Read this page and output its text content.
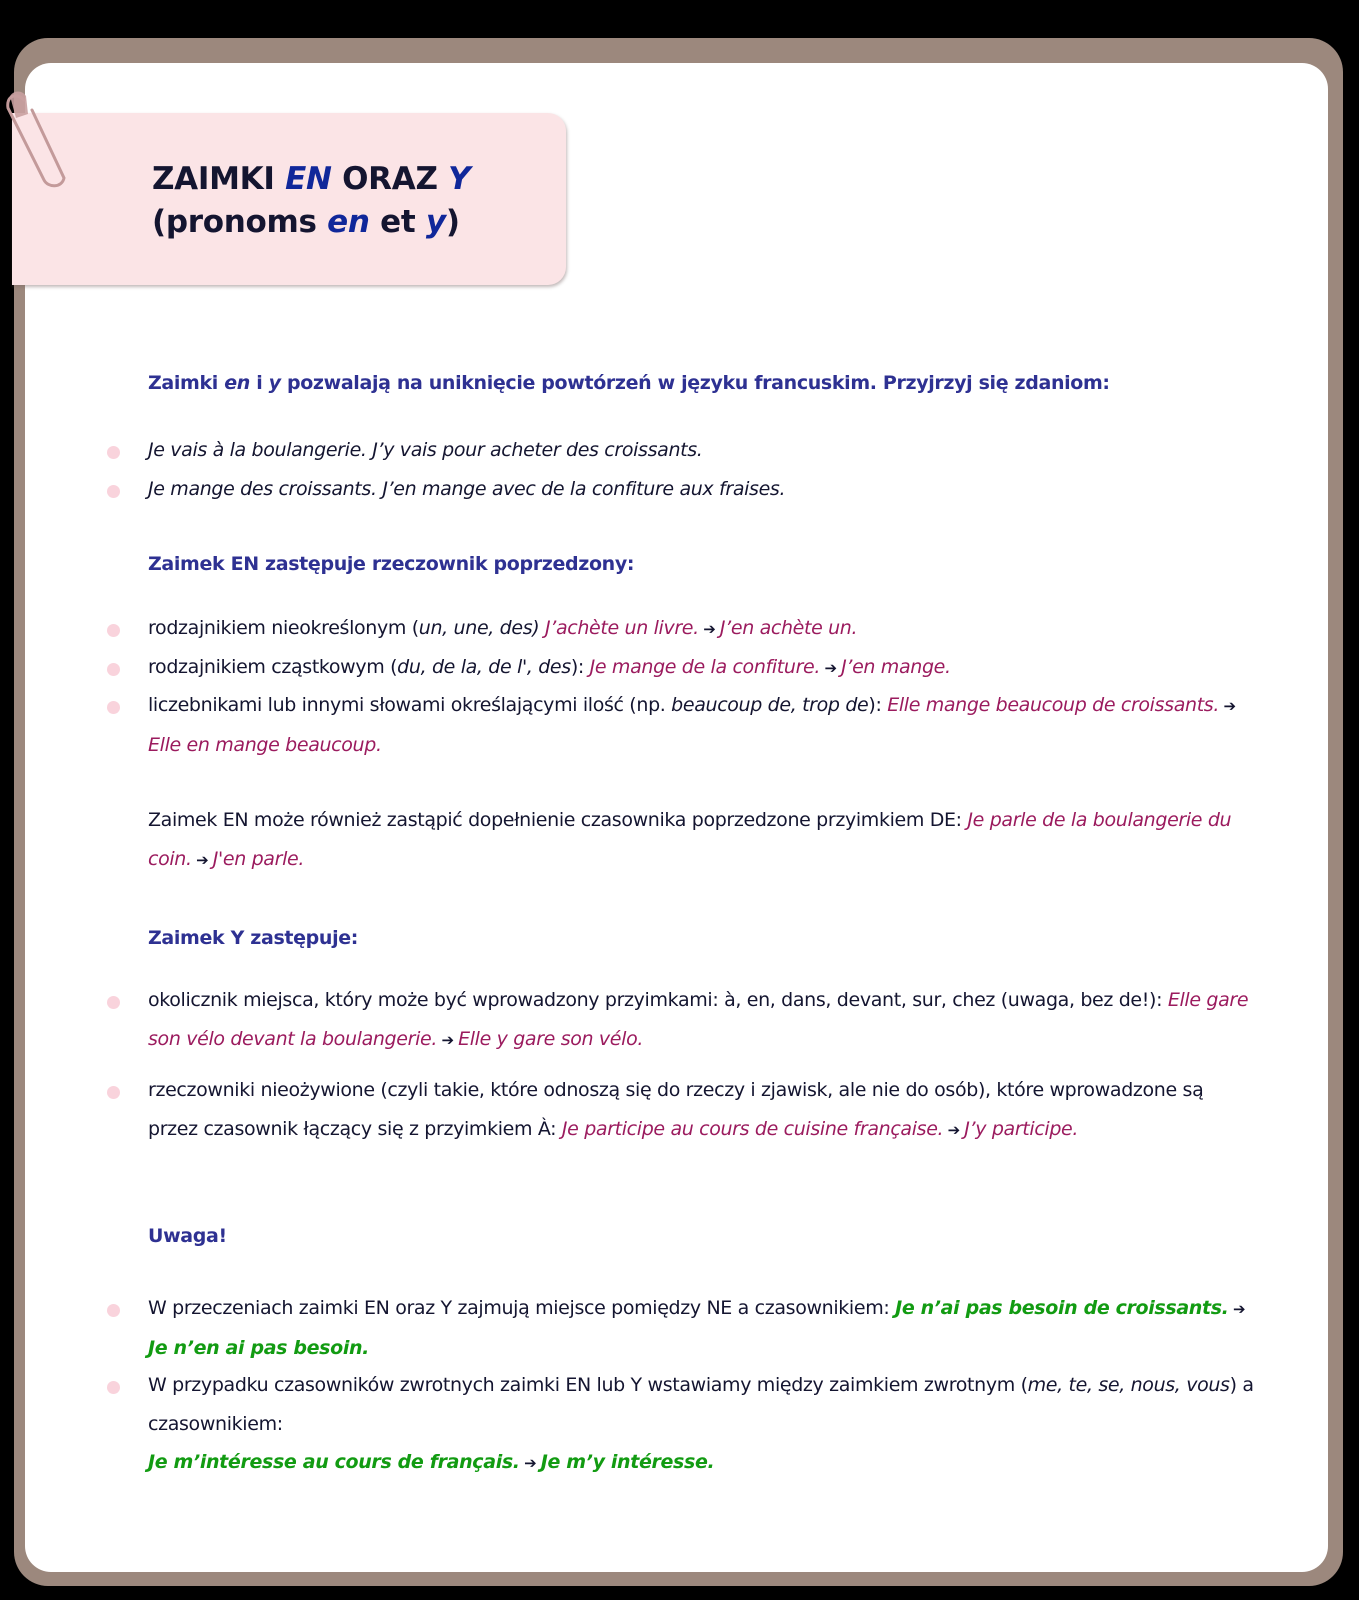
ZAIMKI EN ORAZ Y
(pronoms en et y)

Zaimki en i y pozwalają na uniknięcie powtórzeń w języku francuskim. Przyjrzyj się zdaniom:

Je vais à la boulangerie. J’y vais pour acheter des croissants.

Je mange des croissants. J’en mange avec de la confiture aux fraises.

Zaimek EN zastępuje rzeczownik poprzedzony:

rodzajnikiem nieokreślonym (un, une, des) J’achète un livre. ➔ J’en achète un.

rodzajnikiem cząstkowym (du, de la, de l', des): Je mange de la confiture. ➔ J’en mange.

liczebnikami lub innymi słowami określającymi ilość (np. beaucoup de, trop de): Elle mange beaucoup de croissants. ➔ Elle en mange beaucoup.

Zaimek EN może również zastąpić dopełnienie czasownika poprzedzone przyimkiem DE: Je parle de la boulangerie du coin. ➔ J'en parle.

Zaimek Y zastępuje:

okolicznik miejsca, który może być wprowadzony przyimkami: à, en, dans, devant, sur, chez (uwaga, bez de!): Elle gare son vélo devant la boulangerie. ➔ Elle y gare son vélo.

rzeczowniki nieożywione (czyli takie, które odnoszą się do rzeczy i zjawisk, ale nie do osób), które wprowadzone są przez czasownik łączący się z przyimkiem À: Je participe au cours de cuisine française. ➔ J’y participe.

Uwaga!

W przeczeniach zaimki EN oraz Y zajmują miejsce pomiędzy NE a czasownikiem: Je n’ai pas besoin de croissants. ➔ Je n’en ai pas besoin.

W przypadku czasowników zwrotnych zaimki EN lub Y wstawiamy między zaimkiem zwrotnym (me, te, se, nous, vous) a czasownikiem:
Je m’intéresse au cours de français. ➔ Je m’y intéresse.
